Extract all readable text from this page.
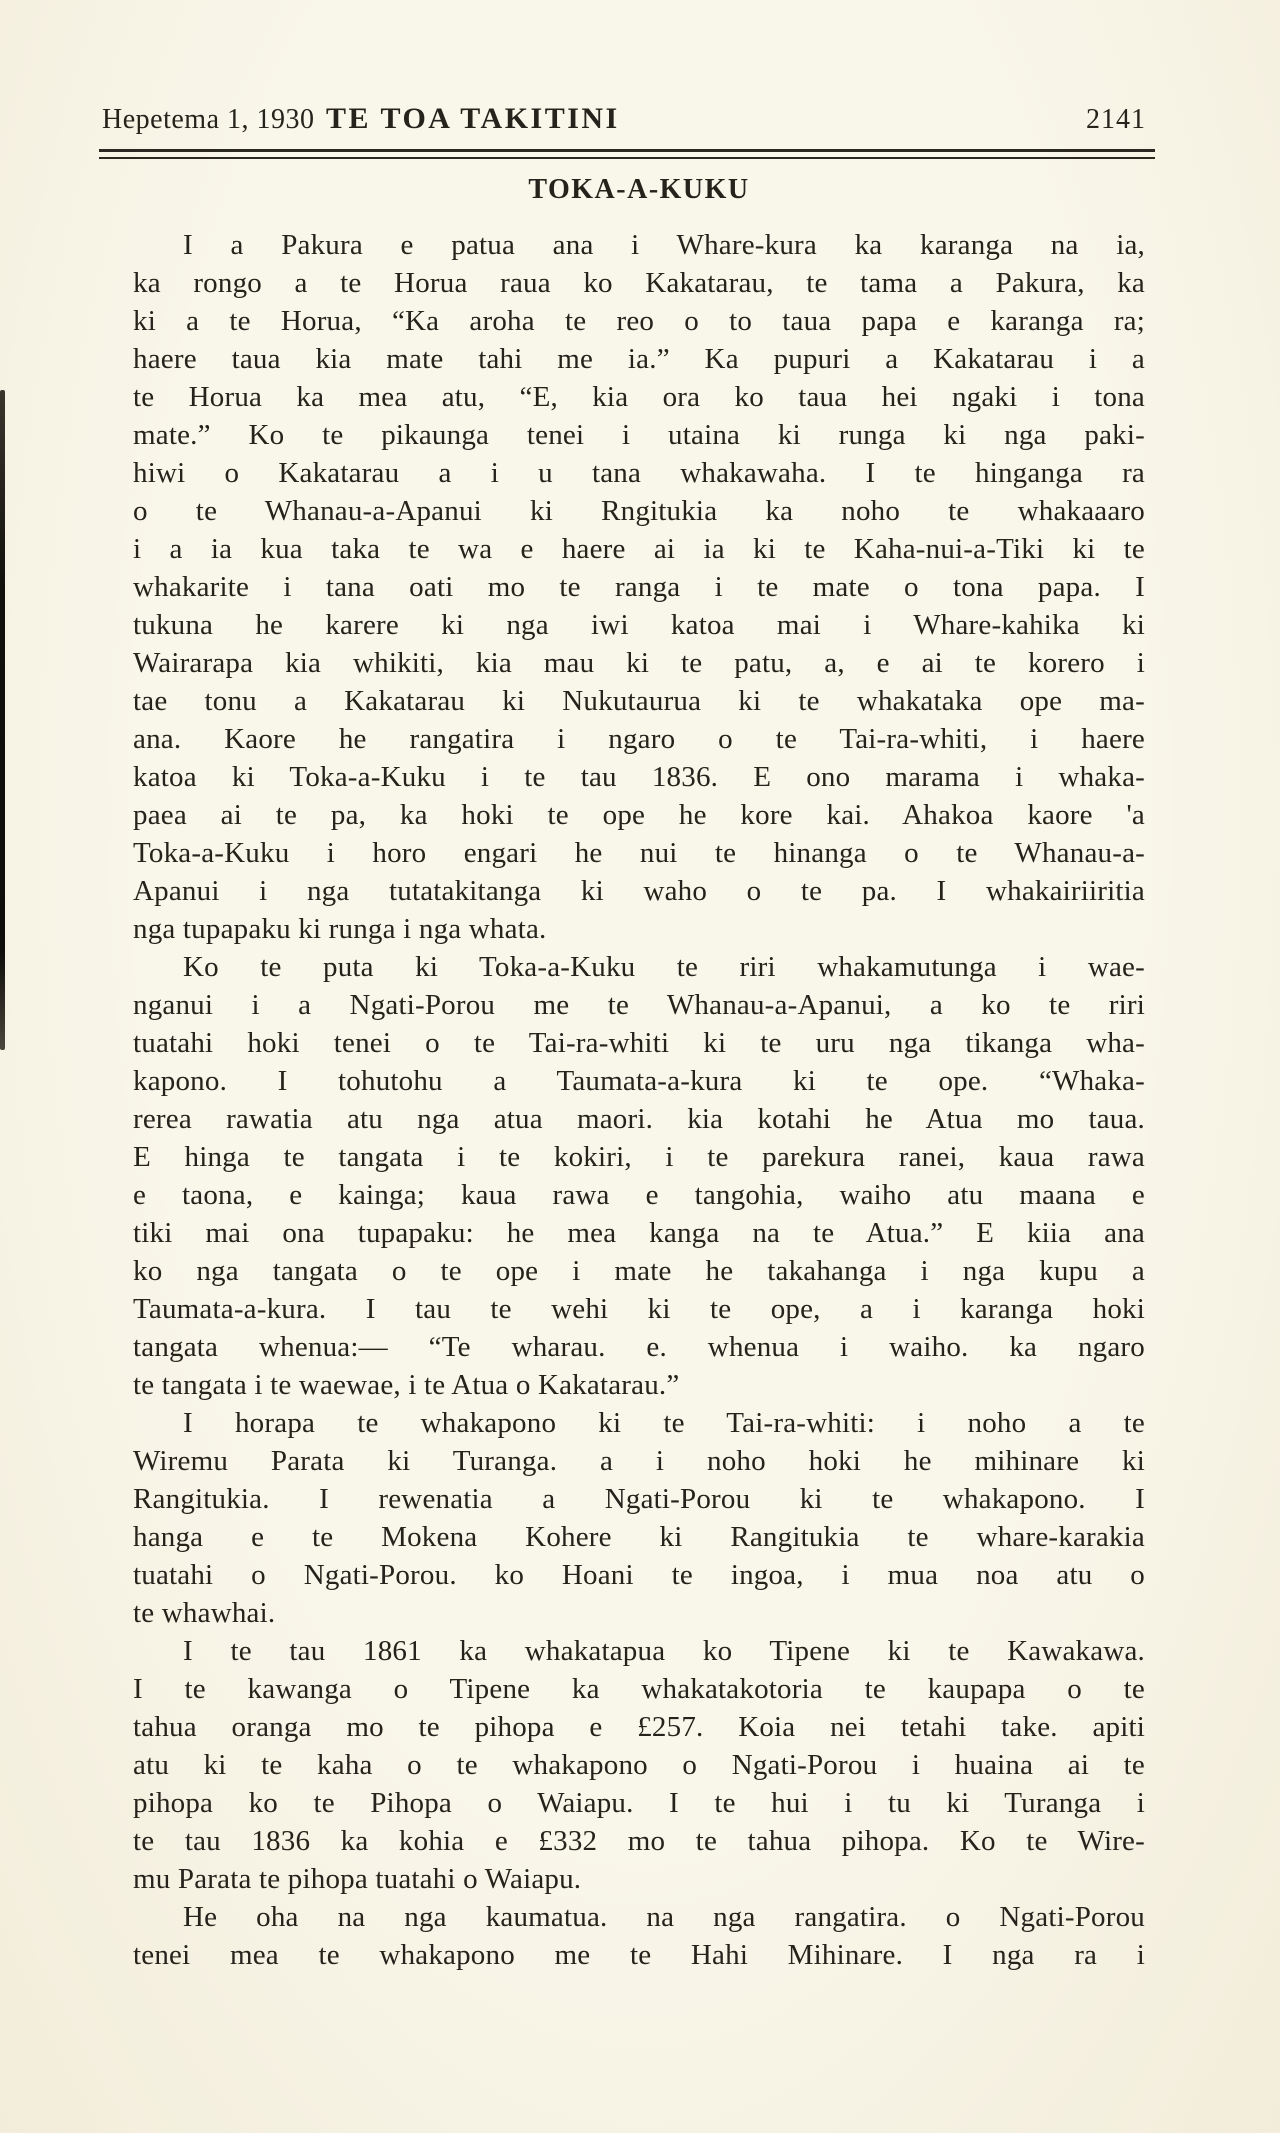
Hepetema 1, 1930 TE TOA TAKITINI	2141
TOKA-A-KUKU
I a Pakura e patua ana i Whare-kura ka karanga na ia,
ka rongo a te Horua raua ko Kakatarau, te tama a Pakura, ka
ki a te Horua, “Ka aroha te reo o to taua papa e karanga ra;
haere taua kia mate tahi me ia.” Ka pupuri a Kakatarau i a
te Horua ka mea atu, “E, kia ora ko taua hei ngaki i tona
mate.” Ko te pikaunga tenei i utaina ki runga ki nga paki-
hiwi o Kakatarau a i u tana whakawaha. I te hinganga ra
o te Whanau-a-Apanui ki Rngitukia ka noho te whakaaaro
i a ia kua taka te wa e haere ai ia ki te Kaha-nui-a-Tiki ki te
whakarite i tana oati mo te ranga i te mate o tona papa. I
tukuna he karere ki nga iwi katoa mai i Whare-kahika ki
Wairarapa kia whikiti, kia mau ki te patu, a, e ai te korero i
tae tonu a Kakatarau ki Nukutaurua ki te whakataka ope ma-
ana. Kaore he rangatira i ngaro o te Tai-ra-whiti, i haere
katoa ki Toka-a-Kuku i te tau 1836. E ono marama i whaka-
paea ai te pa, ka hoki te ope he kore kai. Ahakoa kaore 'a
Toka-a-Kuku i horo engari he nui te hinanga o te Whanau-a-
Apanui i nga tutatakitanga ki waho o te pa. I whakairiiritia
nga tupapaku ki runga i nga whata.
Ko te puta ki Toka-a-Kuku te riri whakamutunga i wae-
nganui i a Ngati-Porou me te Whanau-a-Apanui, a ko te riri
tuatahi hoki tenei o te Tai-ra-whiti ki te uru nga tikanga wha-
kapono. I tohutohu a Taumata-a-kura ki te ope. “Whaka-
rerea rawatia atu nga atua maori. kia kotahi he Atua mo taua.
E hinga te tangata i te kokiri, i te parekura ranei, kaua rawa
e taona, e kainga; kaua rawa e tangohia, waiho atu maana e
tiki mai ona tupapaku: he mea kanga na te Atua.” E kiia ana
ko nga tangata o te ope i mate he takahanga i nga kupu a
Taumata-a-kura. I tau te wehi ki te ope, a i karanga hoki
tangata whenua:— “Te wharau. e. whenua i waiho. ka ngaro
te tangata i te waewae, i te Atua o Kakatarau.”
I horapa te whakapono ki te Tai-ra-whiti: i noho a te
Wiremu Parata ki Turanga. a i noho hoki he mihinare ki
Rangitukia. I rewenatia a Ngati-Porou ki te whakapono. I
hanga e te Mokena Kohere ki Rangitukia te whare-karakia
tuatahi o Ngati-Porou. ko Hoani te ingoa, i mua noa atu o
te whawhai.
I te tau 1861 ka whakatapua ko Tipene ki te Kawakawa.
I te kawanga o Tipene ka whakatakotoria te kaupapa o te
tahua oranga mo te pihopa e £257. Koia nei tetahi take. apiti
atu ki te kaha o te whakapono o Ngati-Porou i huaina ai te
pihopa ko te Pihopa o Waiapu. I te hui i tu ki Turanga i
te tau 1836 ka kohia e £332 mo te tahua pihopa. Ko te Wire-
mu Parata te pihopa tuatahi o Waiapu.
He oha na nga kaumatua. na nga rangatira. o Ngati-Porou
tenei mea te whakapono me te Hahi Mihinare. I nga ra i
